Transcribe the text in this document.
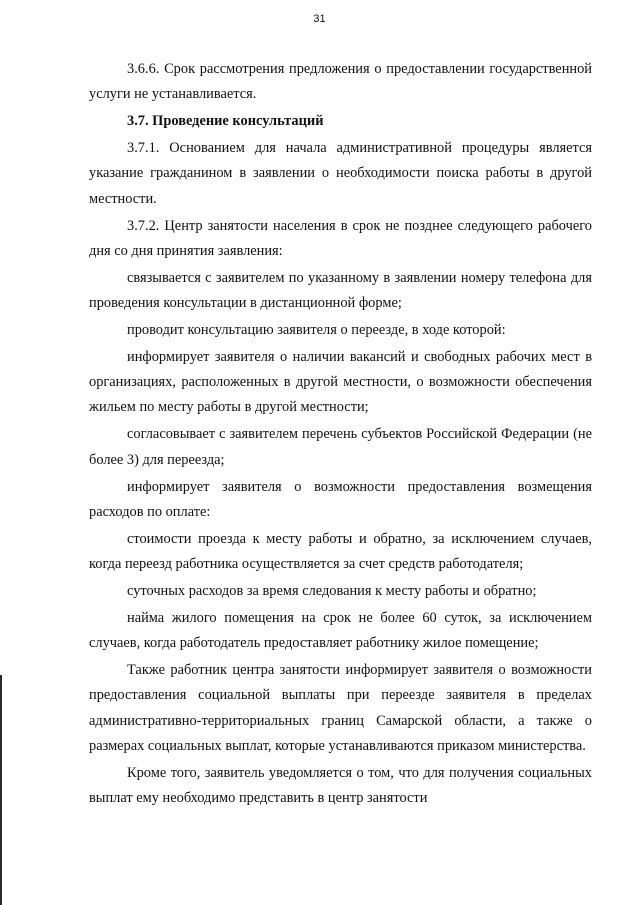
31

3.6.6. Срок рассмотрения предложения о предоставлении государственной услуги не устанавливается.

3.7. Проведение консультаций

3.7.1. Основанием для начала административной процедуры является указание гражданином в заявлении о необходимости поиска работы в другой местности.

3.7.2. Центр занятости населения в срок не позднее следующего рабочего дня со дня принятия заявления:

связывается с заявителем по указанному в заявлении номеру телефона для проведения консультации в дистанционной форме;

проводит консультацию заявителя о переезде, в ходе которой:

информирует заявителя о наличии вакансий и свободных рабочих мест в организациях, расположенных в другой местности, о возможности обеспечения жильем по месту работы в другой местности;

согласовывает с заявителем перечень субъектов Российской Федерации (не более 3) для переезда;

информирует заявителя о возможности предоставления возмещения расходов по оплате:

стоимости проезда к месту работы и обратно, за исключением случаев, когда переезд работника осуществляется за счет средств работодателя;

суточных расходов за время следования к месту работы и обратно;

найма жилого помещения на срок не более 60 суток, за исключением случаев, когда работодатель предоставляет работнику жилое помещение;

Также работник центра занятости информирует заявителя о возможности предоставления социальной выплаты при переезде заявителя в пределах административно-территориальных границ Самарской области, а также о размерах социальных выплат, которые устанавливаются приказом министерства.

Кроме того, заявитель уведомляется о том, что для получения социальных выплат ему необходимо представить в центр занятости
